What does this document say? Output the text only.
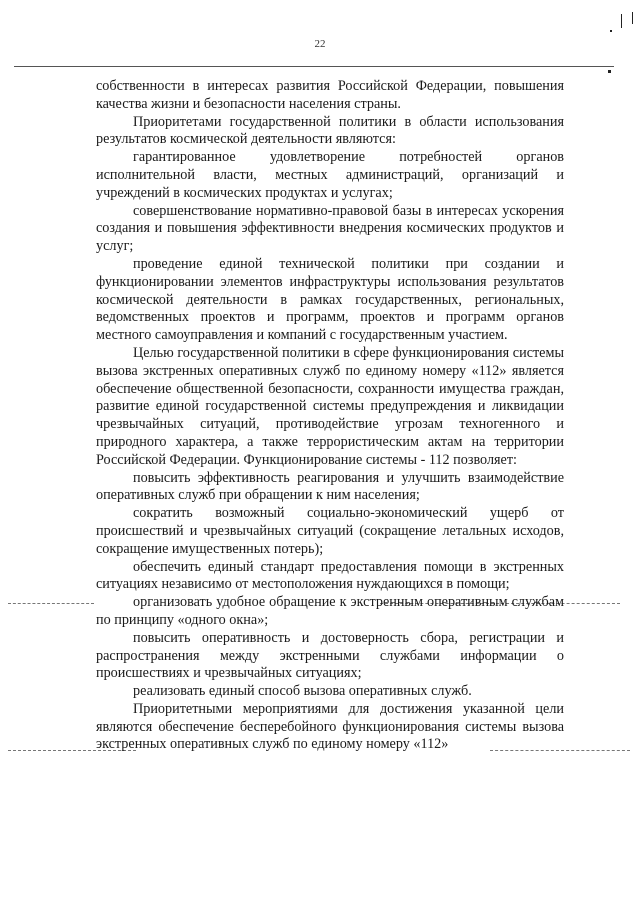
22

собственности в интересах развития Российской Федерации, повышения качества жизни и безопасности населения страны.

Приоритетами государственной политики в области использования результатов космической деятельности являются:

гарантированное удовлетворение потребностей органов исполнительной власти, местных администраций, организаций и учреждений в космических продуктах и услугах;

совершенствование нормативно-правовой базы в интересах ускорения создания и повышения эффективности внедрения космических продуктов и услуг;

проведение единой технической политики при создании и функционировании элементов инфраструктуры использования результатов космической деятельности в рамках государственных, региональных, ведомственных проектов и программ, проектов и программ органов местного самоуправления и компаний с государственным участием.

Целью государственной политики в сфере функционирования системы вызова экстренных оперативных служб по единому номеру «112» является обеспечение общественной безопасности, сохранности имущества граждан, развитие единой государственной системы предупреждения и ликвидации чрезвычайных ситуаций, противодействие угрозам техногенного и природного характера, а также террористическим актам на территории Российской Федерации. Функционирование системы - 112 позволяет:

повысить эффективность реагирования и улучшить взаимодействие оперативных служб при обращении к ним населения;

сократить возможный социально-экономический ущерб от происшествий и чрезвычайных ситуаций (сокращение летальных исходов, сокращение имущественных потерь);

обеспечить единый стандарт предоставления помощи в экстренных ситуациях независимо от местоположения нуждающихся в помощи;

организовать удобное обращение к экстренным оперативным службам по принципу «одного окна»;

повысить оперативность и достоверность сбора, регистрации и распространения между экстренными службами информации о происшествиях и чрезвычайных ситуациях;

реализовать единый способ вызова оперативных служб.

Приоритетными мероприятиями для достижения указанной цели являются обеспечение бесперебойного функционирования системы вызова экстренных оперативных служб по единому номеру «112»
